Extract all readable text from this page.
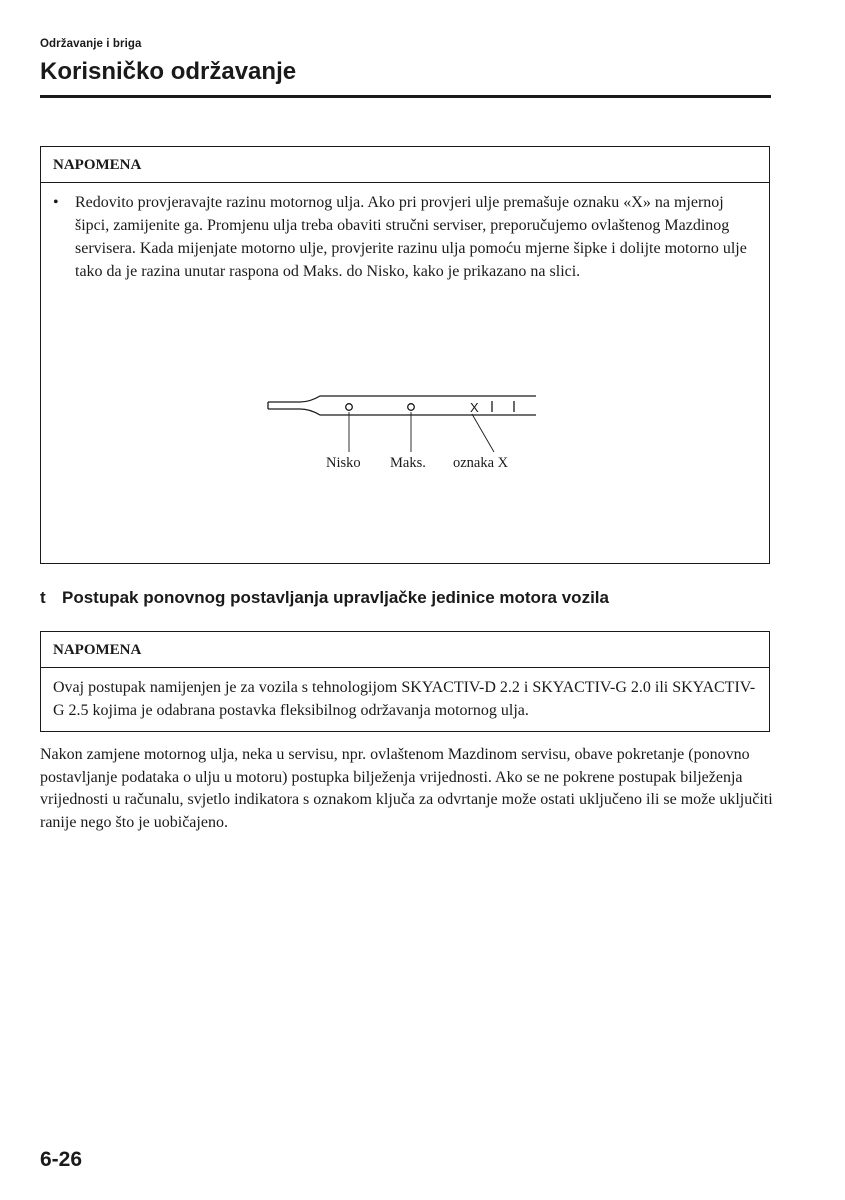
Održavanje i briga
Korisničko održavanje
NAPOMENA
• Redovito provjeravajte razinu motornog ulja. Ako pri provjeri ulje premašuje oznaku «X» na mjernoj šipci, zamijenite ga. Promjenu ulja treba obaviti stručni serviser, preporučujemo ovlaštenog Mazdinog servisera. Kada mijenjate motorno ulje, provjerite razinu ulja pomoću mjerne šipke i dolijte motorno ulje tako da je razina unutar raspona od Maks. do Nisko, kako je prikazano na slici.
X
Nisko Maks. oznaka X
t Postupak ponovnog postavljanja upravljačke jedinice motora vozila
NAPOMENA
Ovaj postupak namijenjen je za vozila s tehnologijom SKYACTIV-D 2.2 i SKYACTIV-G 2.0 ili SKYACTIV-G 2.5 kojima je odabrana postavka fleksibilnog održavanja motornog ulja.
Nakon zamjene motornog ulja, neka u servisu, npr. ovlaštenom Mazdinom servisu, obave pokretanje (ponovno postavljanje podataka o ulju u motoru) postupka bilježenja vrijednosti. Ako se ne pokrene postupak bilježenja vrijednosti u računalu, svjetlo indikatora s oznakom ključa za odvrtanje može ostati uključeno ili se može uključiti ranije nego što je uobičajeno.
6-26
